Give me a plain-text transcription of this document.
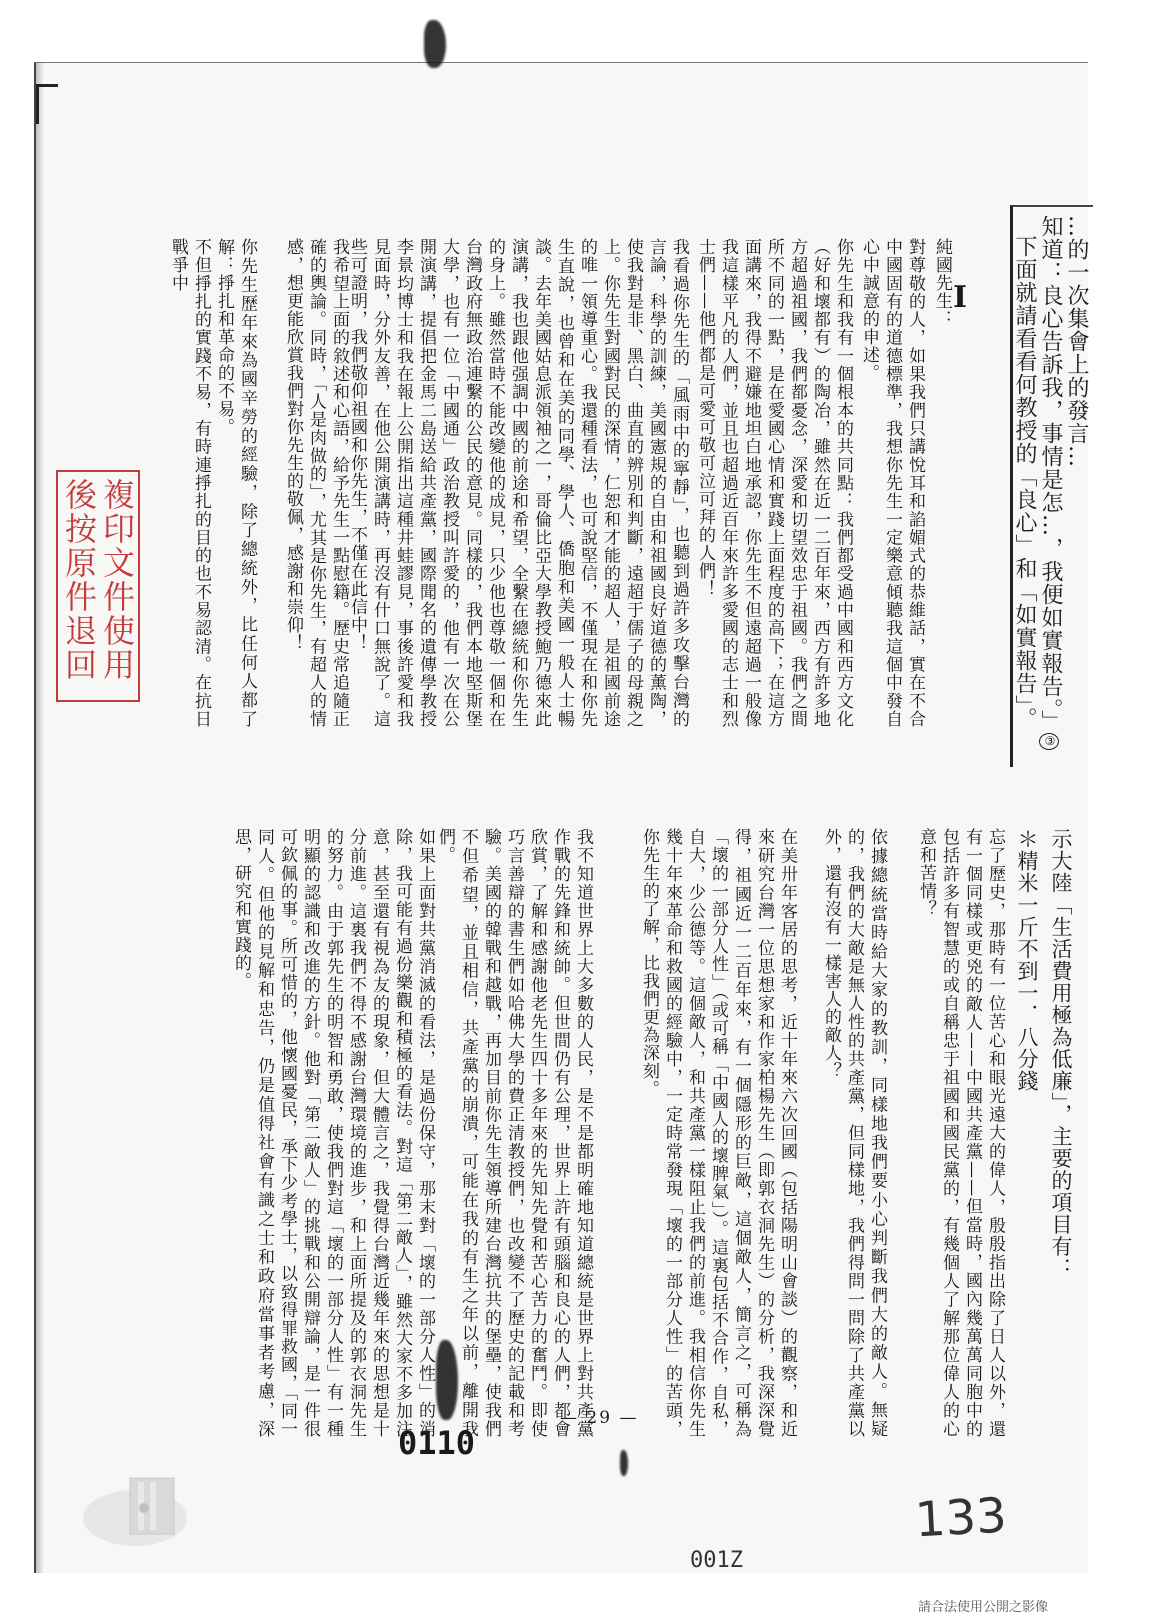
…的一次集會上的發言…
知道：良心告訴我，事情是怎…，我便如實報告。」③
下面就請看看何教授的「良心」和「如實報告」。
I
純國先生：
對尊敬的人，如果我們只講悅耳和諂媚式的恭維話，實在不合中國固有的道德標準，我想你先生一定樂意傾聽我這個中發自心中誠意的申述。
你先生和我有一個根本的共同點：我們都受過中國和西方文化（好和壞都有）的陶冶，雖然在近一二百年來，西方有許多地方超過祖國，我們都憂念，深愛和切望效忠于祖國。我們之間所不同的一點，是在愛國心情和實踐上面程度的高下；在這方面講來，我得不避嫌地坦白地承認，你先生不但遠超過一般像我這樣平凡的人們，並且也超過近百年來許多愛國的志士和烈士們——他們都是可愛可敬可泣可拜的人們！
我看過你先生的「風雨中的寧靜」，也聽到過許多攻擊台灣的言論，科學的訓練，美國憲規的自由和祖國良好道德的薰陶，使我對是非、黑白、曲直的辨別和判斷，遠超于儒子的母親之上。你先生對國對民的深情，仁恕和才能的超人，是祖國前途的唯一領導重心。我還種看法，也可說堅信，不僅現在和你先生直說，也曾和在美的同學、學人、僑胞和美國一般人士暢談。去年美國姑息派領袖之一，哥倫比亞大學教授鮑乃德來此演講，我也跟他强調中國的前途和希望，全繫在總統和你先生的身上。雖然當時不能改變他的成見，只少他也尊敬一個和在台灣政府無政治連繫的公民的意見。同樣的，我們本地堅斯堡大學，也有一位「中國通」政治教授叫許愛的，他有一次在公開演講，提倡把金馬二島送給共產黨，國際聞名的遺傳學教授李景均博士和我在報上公開指出這種井蛙謬見，事後許愛和我見面時，分外友善，在他公開演講時，再沒有什口無說了。這些可證明，我們敬仰祖國和你先生，不僅在此信中！
我希望上面的敘述和心語，給予先生一點慰籍。歷史常追隨正確的輿論。同時，「人是肉做的」，尤其是你先生，有超人的情感，想更能欣賞我們對你先生的敬佩，感謝和崇仰！
你先生歷年來為國辛勞的經驗，除了總統外，比任何人都了解：掙扎和革命的不易。
不但掙扎的實踐不易，有時連掙扎的目的也不易認清。在抗日戰爭中
示大陸「生活費用極為低廉」，主要的項目有：
＊精米一斤不到一．八分錢
忘了歷史，那時有一位苦心和眼光遠大的偉人，殷殷指出除了日人以外，還有一個同樣或更兇的敵人——中國共產黨——但當時，國內幾萬萬同胞中的包括許多有智慧的或自稱忠于祖國和國民黨的，有幾個人了解那位偉人的心意和苦情？
依據總統當時給大家的教訓，同樣地我們要小心判斷我們大的敵人。無疑的，我們的大敵是無人性的共產黨，但同樣地，我們得問一問除了共產黨以外，還有沒有一樣害人的敵人？
在美卅年客居的思考，近十年來六次回國（包括陽明山會談）的觀察，和近來研究台灣一位思想家和作家柏楊先生（即郭衣洞先生）的分析，我深深覺得，祖國近一二百年來，有一個隱形的巨敵，這個敵人，簡言之，可稱為「壞的一部分人性」（或可稱「中國人的壞脾氣」）。這裏包括不合作，自私，自大，少公德等。這個敵人，和共產黨一樣阻止我們的前進。我相信你先生幾十年來革命和救國的經驗中，一定時常發現「壞的一部分人性」的苦頭，你先生的了解，比我們更為深刻。
我不知道世界上大多數的人民，是不是都明確地知道總統是世界上對共產黨作戰的先鋒和統帥。但世間仍有公理，世界上許有頭腦和良心的人們，都會欣賞，了解和感謝他老先生四十多年來的先知先覺和苦心苦力的奮鬥。即使巧言善辯的書生們如哈佛大學的費正清教授們，也改變不了歷史的記載和考驗。美國的韓戰和越戰，再加目前你先生領導所建台灣抗共的堡壘，使我們不但希望，並且相信，共產黨的崩潰，可能在我的有生之年以前，離開我們。
如果上面對共黨消滅的看法，是過份保守，那末對「壞的一部分人性」的消除，我可能有過份樂觀和積極的看法。對這「第二敵人」，雖然大家不多加注意，甚至還有視為友的現象，但大體言之，我覺得台灣近幾年來的思想是十分前進。這裏我們不得不感謝台灣環境的進步，和上面所提及的郭衣洞先生的努力。由于郭先生的明智和勇敢，使我們對這「壞的一部分人性」有一種明顯的認識和改進的方針。他對「第二敵人」的挑戰和公開辯論，是一件很可欽佩的事。所可惜的，他懷國憂民，承下少考學士，以致得罪救國，「同一同人。但他的見解和忠告，仍是值得社會有識之士和政府當事者考慮，深思，研究和實踐的。
— 29 —
0110
複印文件使用
後按原件退回
133
001Z
請合法使用公開之影像
